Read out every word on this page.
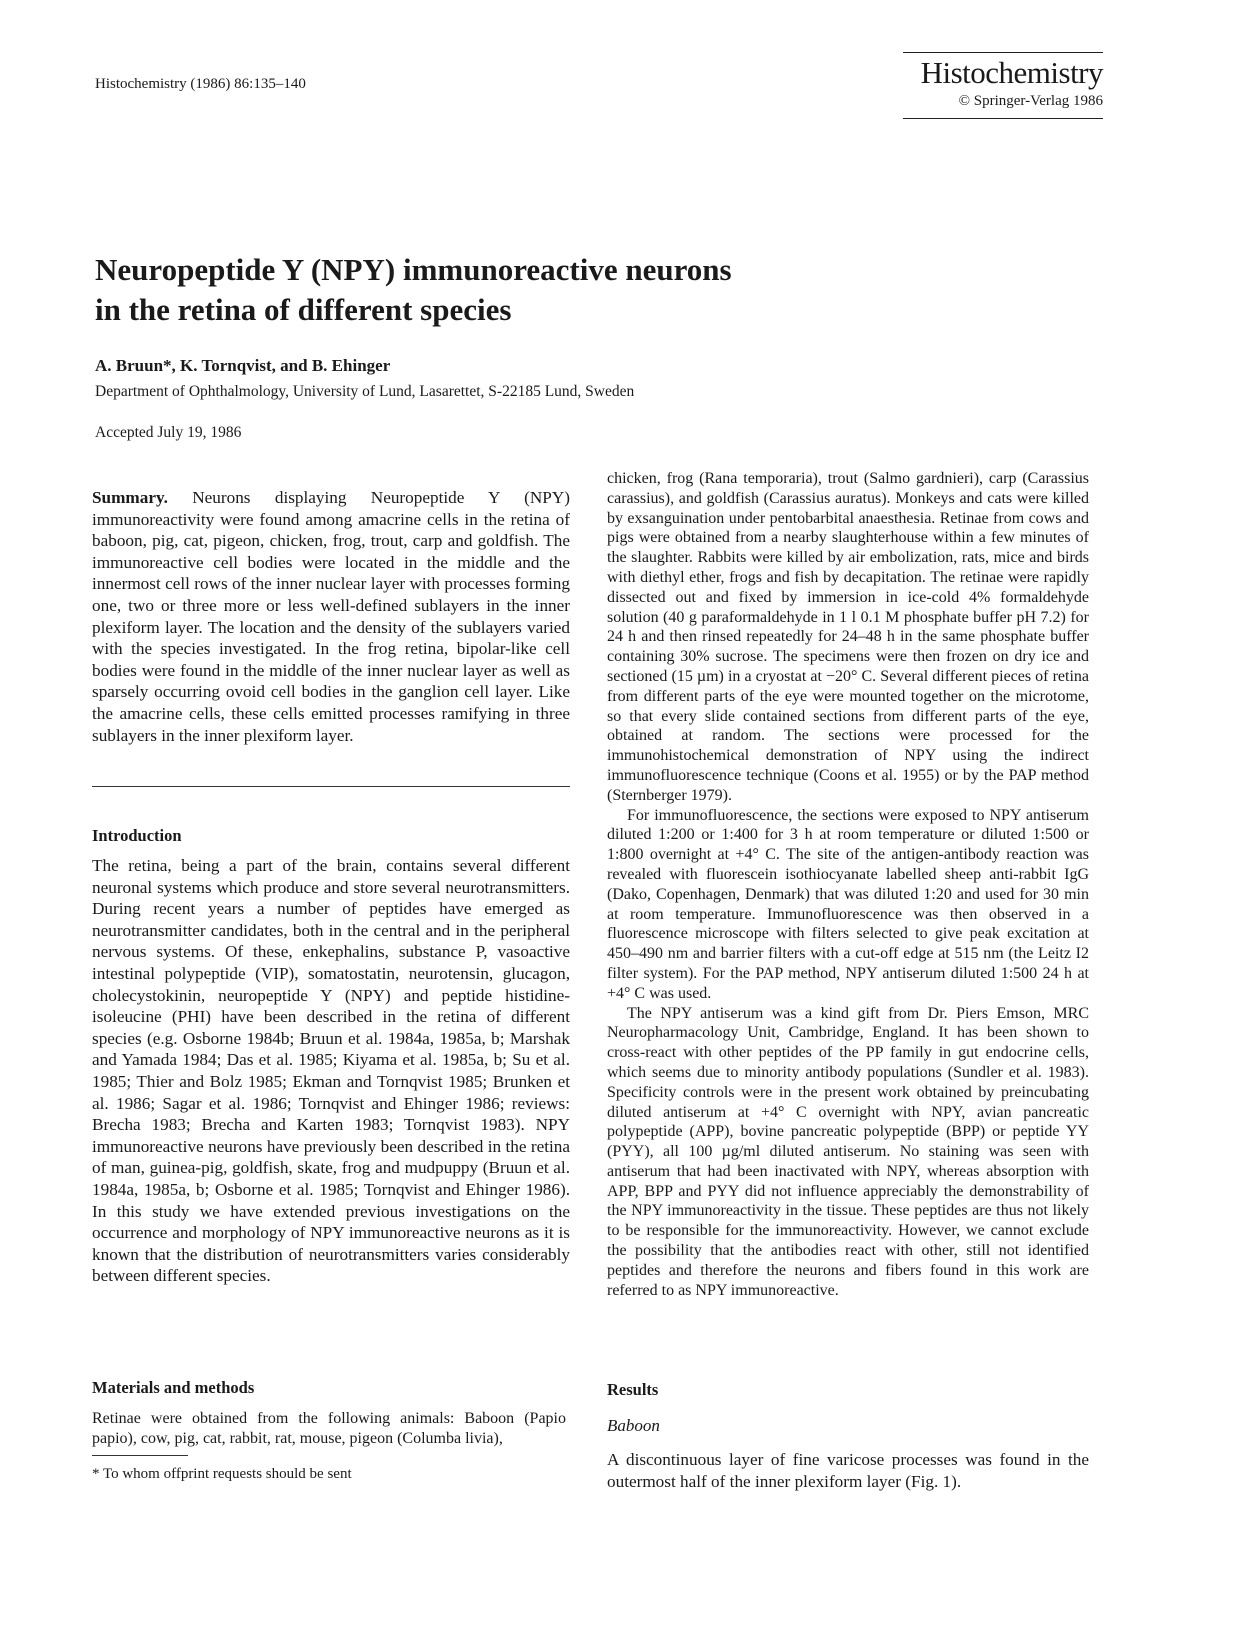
Histochemistry (1986) 86:135–140	Histochemistry
© Springer-Verlag 1986
Neuropeptide Y (NPY) immunoreactive neurons
in the retina of different species
A. Bruun*, K. Tornqvist, and B. Ehinger
Department of Ophthalmology, University of Lund, Lasarettet, S-22185 Lund, Sweden
Accepted July 19, 1986

Summary. Neurons displaying Neuropeptide Y (NPY) immunoreactivity were found among amacrine cells in the retina of baboon, pig, cat, pigeon, chicken, frog, trout, carp and goldfish. The immunoreactive cell bodies were located in the middle and the innermost cell rows of the inner nuclear layer with processes forming one, two or three more or less well-defined sublayers in the inner plexiform layer. The location and the density of the sublayers varied with the species investigated. In the frog retina, bipolar-like cell bodies were found in the middle of the inner nuclear layer as well as sparsely occurring ovoid cell bodies in the ganglion cell layer. Like the amacrine cells, these cells emitted processes ramifying in three sublayers in the inner plexiform layer.

Introduction

The retina, being a part of the brain, contains several different neuronal systems which produce and store several neurotransmitters. During recent years a number of peptides have emerged as neurotransmitter candidates, both in the central and in the peripheral nervous systems. Of these, enkephalins, substance P, vasoactive intestinal polypeptide (VIP), somatostatin, neurotensin, glucagon, cholecystokinin, neuropeptide Y (NPY) and peptide histidine-isoleucine (PHI) have been described in the retina of different species (e.g. Osborne 1984b; Bruun et al. 1984a, 1985a, b; Marshak and Yamada 1984; Das et al. 1985; Kiyama et al. 1985a, b; Su et al. 1985; Thier and Bolz 1985; Ekman and Tornqvist 1985; Brunken et al. 1986; Sagar et al. 1986; Tornqvist and Ehinger 1986; reviews: Brecha 1983; Brecha and Karten 1983; Tornqvist 1983). NPY immunoreactive neurons have previously been described in the retina of man, guinea-pig, goldfish, skate, frog and mudpuppy (Bruun et al. 1984a, 1985a, b; Osborne et al. 1985; Tornqvist and Ehinger 1986). In this study we have extended previous investigations on the occurrence and morphology of NPY immunoreactive neurons as it is known that the distribution of neurotransmitters varies considerably between different species.

Materials and methods

Retinae were obtained from the following animals: Baboon (Papio papio), cow, pig, cat, rabbit, rat, mouse, pigeon (Columba livia),

* To whom offprint requests should be sent

chicken, frog (Rana temporaria), trout (Salmo gardnieri), carp (Carassius carassius), and goldfish (Carassius auratus). Monkeys and cats were killed by exsanguination under pentobarbital anaesthesia. Retinae from cows and pigs were obtained from a nearby slaughterhouse within a few minutes of the slaughter. Rabbits were killed by air embolization, rats, mice and birds with diethyl ether, frogs and fish by decapitation. The retinae were rapidly dissected out and fixed by immersion in ice-cold 4% formaldehyde solution (40 g paraformaldehyde in 1 l 0.1 M phosphate buffer pH 7.2) for 24 h and then rinsed repeatedly for 24–48 h in the same phosphate buffer containing 30% sucrose. The specimens were then frozen on dry ice and sectioned (15 µm) in a cryostat at −20° C. Several different pieces of retina from different parts of the eye were mounted together on the microtome, so that every slide contained sections from different parts of the eye, obtained at random. The sections were processed for the immunohistochemical demonstration of NPY using the indirect immunofluorescence technique (Coons et al. 1955) or by the PAP method (Sternberger 1979).

For immunofluorescence, the sections were exposed to NPY antiserum diluted 1:200 or 1:400 for 3 h at room temperature or diluted 1:500 or 1:800 overnight at +4° C. The site of the antigen-antibody reaction was revealed with fluorescein isothiocyanate labelled sheep anti-rabbit IgG (Dako, Copenhagen, Denmark) that was diluted 1:20 and used for 30 min at room temperature. Immunofluorescence was then observed in a fluorescence microscope with filters selected to give peak excitation at 450–490 nm and barrier filters with a cut-off edge at 515 nm (the Leitz I2 filter system). For the PAP method, NPY antiserum diluted 1:500 24 h at +4° C was used.

The NPY antiserum was a kind gift from Dr. Piers Emson, MRC Neuropharmacology Unit, Cambridge, England. It has been shown to cross-react with other peptides of the PP family in gut endocrine cells, which seems due to minority antibody populations (Sundler et al. 1983). Specificity controls were in the present work obtained by preincubating diluted antiserum at +4° C overnight with NPY, avian pancreatic polypeptide (APP), bovine pancreatic polypeptide (BPP) or peptide YY (PYY), all 100 µg/ml diluted antiserum. No staining was seen with antiserum that had been inactivated with NPY, whereas absorption with APP, BPP and PYY did not influence appreciably the demonstrability of the NPY immunoreactivity in the tissue. These peptides are thus not likely to be responsible for the immunoreactivity. However, we cannot exclude the possibility that the antibodies react with other, still not identified peptides and therefore the neurons and fibers found in this work are referred to as NPY immunoreactive.

Results
Baboon

A discontinuous layer of fine varicose processes was found in the outermost half of the inner plexiform layer (Fig. 1).
